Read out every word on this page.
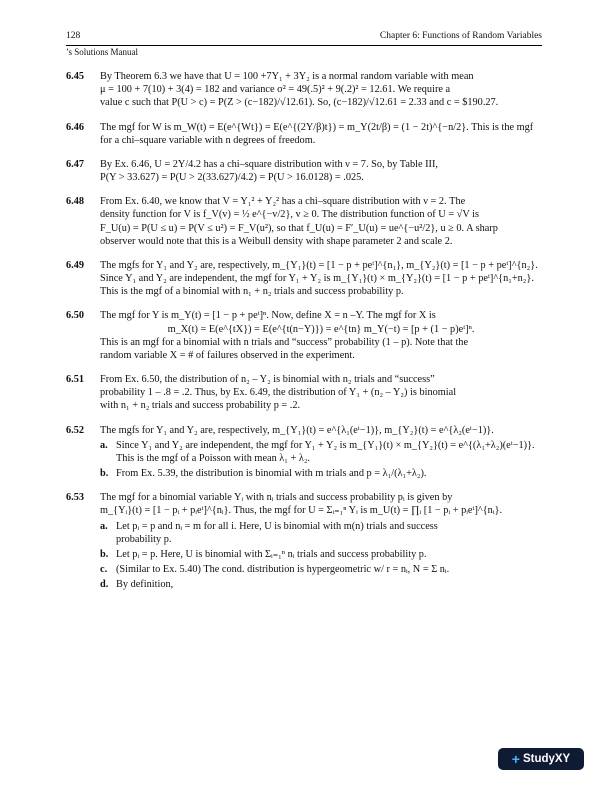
128	Chapter 6: Functions of Random Variables
’s Solutions Manual
6.45	By Theorem 6.3 we have that U = 100 +7Y₁ + 3Y₂ is a normal random variable with mean
μ = 100 + 7(10) + 3(4) = 182 and variance σ² = 49(.5)² + 9(.2)² = 12.61. We require a
value c such that P(U > c) = P(Z > (c−182)/√12.61). So, (c−182)/√12.61 = 2.33 and c = $190.27.
6.46	The mgf for W is m_W(t) = E(e^{Wt}) = E(e^{(2Y/β)t}) = m_Y(2t/β) = (1 − 2t)^{−n/2}. This is the mgf
for a chi–square variable with n degrees of freedom.
6.47	By Ex. 6.46, U = 2Y/4.2 has a chi–square distribution with ν = 7. So, by Table III,
P(Y > 33.627) = P(U > 2(33.627)/4.2) = P(U > 16.0128) = .025.
6.48	From Ex. 6.40, we know that V = Y₁² + Y₂² has a chi–square distribution with ν = 2. The
density function for V is f_V(v) = ½ e^{−v/2}, v ≥ 0. The distribution function of U = √V is
F_U(u) = P(U ≤ u) = P(V ≤ u²) = F_V(u²), so that f_U(u) = F′_U(u) = ue^{−u²/2}, u ≥ 0. A sharp
observer would note that this is a Weibull density with shape parameter 2 and scale 2.
6.49	The mgfs for Y₁ and Y₂ are, respectively, m_{Y₁}(t) = [1 − p + peᵗ]^{n₁}, m_{Y₂}(t) = [1 − p + peᵗ]^{n₂}.
Since Y₁ and Y₂ are independent, the mgf for Y₁ + Y₂ is m_{Y₁}(t) × m_{Y₂}(t) = [1 − p + peᵗ]^{n₁+n₂}.
This is the mgf of a binomial with n₁ + n₂ trials and success probability p.
6.50	The mgf for Y is m_Y(t) = [1 − p + peᵗ]ⁿ. Now, define X = n –Y. The mgf for X is
m_X(t) = E(e^{tX}) = E(e^{t(n−Y)}) = e^{tn} m_Y(−t) = [p + (1 − p)eᵗ]ⁿ.
This is an mgf for a binomial with n trials and “success” probability (1 – p). Note that the
random variable X = # of failures observed in the experiment.
6.51	From Ex. 6.50, the distribution of n₂ – Y₂ is binomial with n₂ trials and “success”
probability 1 – .8 = .2. Thus, by Ex. 6.49, the distribution of Y₁ + (n₂ – Y₂) is binomial
with n₁ + n₂ trials and success probability p = .2.
6.52	The mgfs for Y₁ and Y₂ are, respectively, m_{Y₁}(t) = e^{λ₁(eᵗ−1)}, m_{Y₂}(t) = e^{λ₂(eᵗ−1)}.
a. Since Y₁ and Y₂ are independent, the mgf for Y₁ + Y₂ is m_{Y₁}(t) × m_{Y₂}(t) = e^{(λ₁+λ₂)(eᵗ−1)}.
This is the mgf of a Poisson with mean λ₁ + λ₂.
b. From Ex. 5.39, the distribution is binomial with m trials and p = λ₁/(λ₁+λ₂).
6.53	The mgf for a binomial variable Yᵢ with nᵢ trials and success probability pᵢ is given by
m_{Yᵢ}(t) = [1 − pᵢ + pᵢeᵗ]^{nᵢ}. Thus, the mgf for U = Σᵢ₌₁ⁿ Yᵢ is m_U(t) = ∏ᵢ [1 − pᵢ + pᵢeᵗ]^{nᵢ}.
a. Let pᵢ = p and nᵢ = m for all i. Here, U is binomial with m(n) trials and success
probability p.
b. Let pᵢ = p. Here, U is binomial with Σᵢ₌₁ⁿ nᵢ trials and success probability p.
c. (Similar to Ex. 5.40) The cond. distribution is hypergeometric w/ r = nᵢ, N = Σ nᵢ.
d. By definition,
+ StudyXY
